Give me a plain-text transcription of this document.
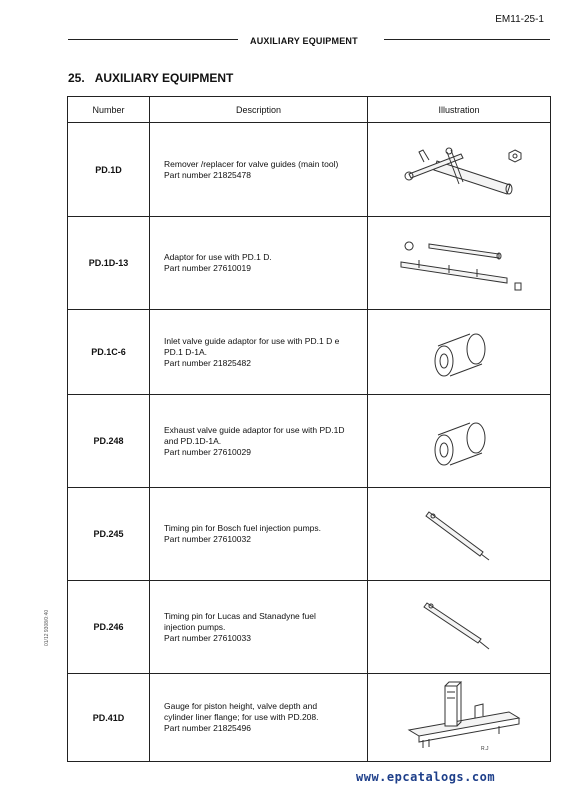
EM11-25-1
AUXILIARY EQUIPMENT
25. AUXILIARY EQUIPMENT
Number	Description	Illustration
PD.1D	Remover /replacer for valve guides (main tool)
Part number 21825478

PD.1D-13	Adaptor for use with PD.1 D.
Part number 27610019

PD.1C-6	Inlet valve guide adaptor for use with PD.1 D e
PD.1 D-1A.
Part number 21825482

PD.248	Exhaust valve guide adaptor for use with PD.1D
and PD.1D-1A.
Part number 27610029

PD.245	Timing pin for Bosch fuel injection pumps.
Part number 27610032

PD.246	Timing pin for Lucas and Stanadyne fuel
injection pumps.
Part number 27610033

PD.41D	Gauge for piston height, valve depth and
cylinder liner flange; for use with PD.208.
Part number 21825496	R.J
01/12 9308/0:40
www.epcatalogs.com
